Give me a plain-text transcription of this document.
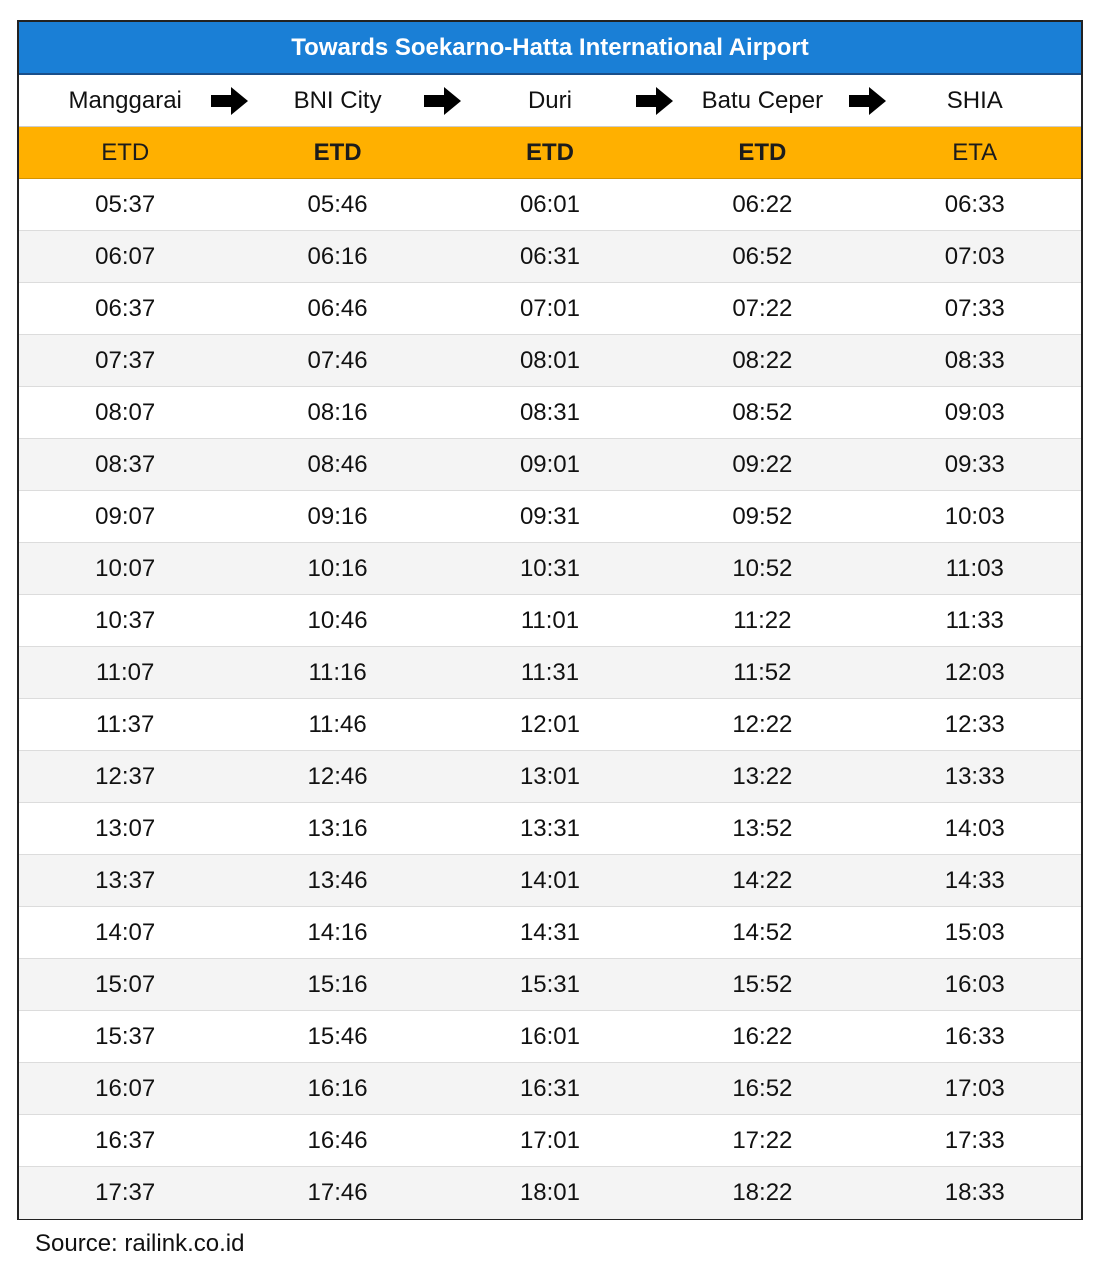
Towards Soekarno-Hatta International Airport
Manggarai	BNI City	Duri	Batu Ceper	SHIA
ETD	ETD	ETD	ETD	ETA
05:37	05:46	06:01	06:22	06:33
06:07	06:16	06:31	06:52	07:03
06:37	06:46	07:01	07:22	07:33
07:37	07:46	08:01	08:22	08:33
08:07	08:16	08:31	08:52	09:03
08:37	08:46	09:01	09:22	09:33
09:07	09:16	09:31	09:52	10:03
10:07	10:16	10:31	10:52	11:03
10:37	10:46	11:01	11:22	11:33
11:07	11:16	11:31	11:52	12:03
11:37	11:46	12:01	12:22	12:33
12:37	12:46	13:01	13:22	13:33
13:07	13:16	13:31	13:52	14:03
13:37	13:46	14:01	14:22	14:33
14:07	14:16	14:31	14:52	15:03
15:07	15:16	15:31	15:52	16:03
15:37	15:46	16:01	16:22	16:33
16:07	16:16	16:31	16:52	17:03
16:37	16:46	17:01	17:22	17:33
17:37	17:46	18:01	18:22	18:33
Source: railink.co.id
